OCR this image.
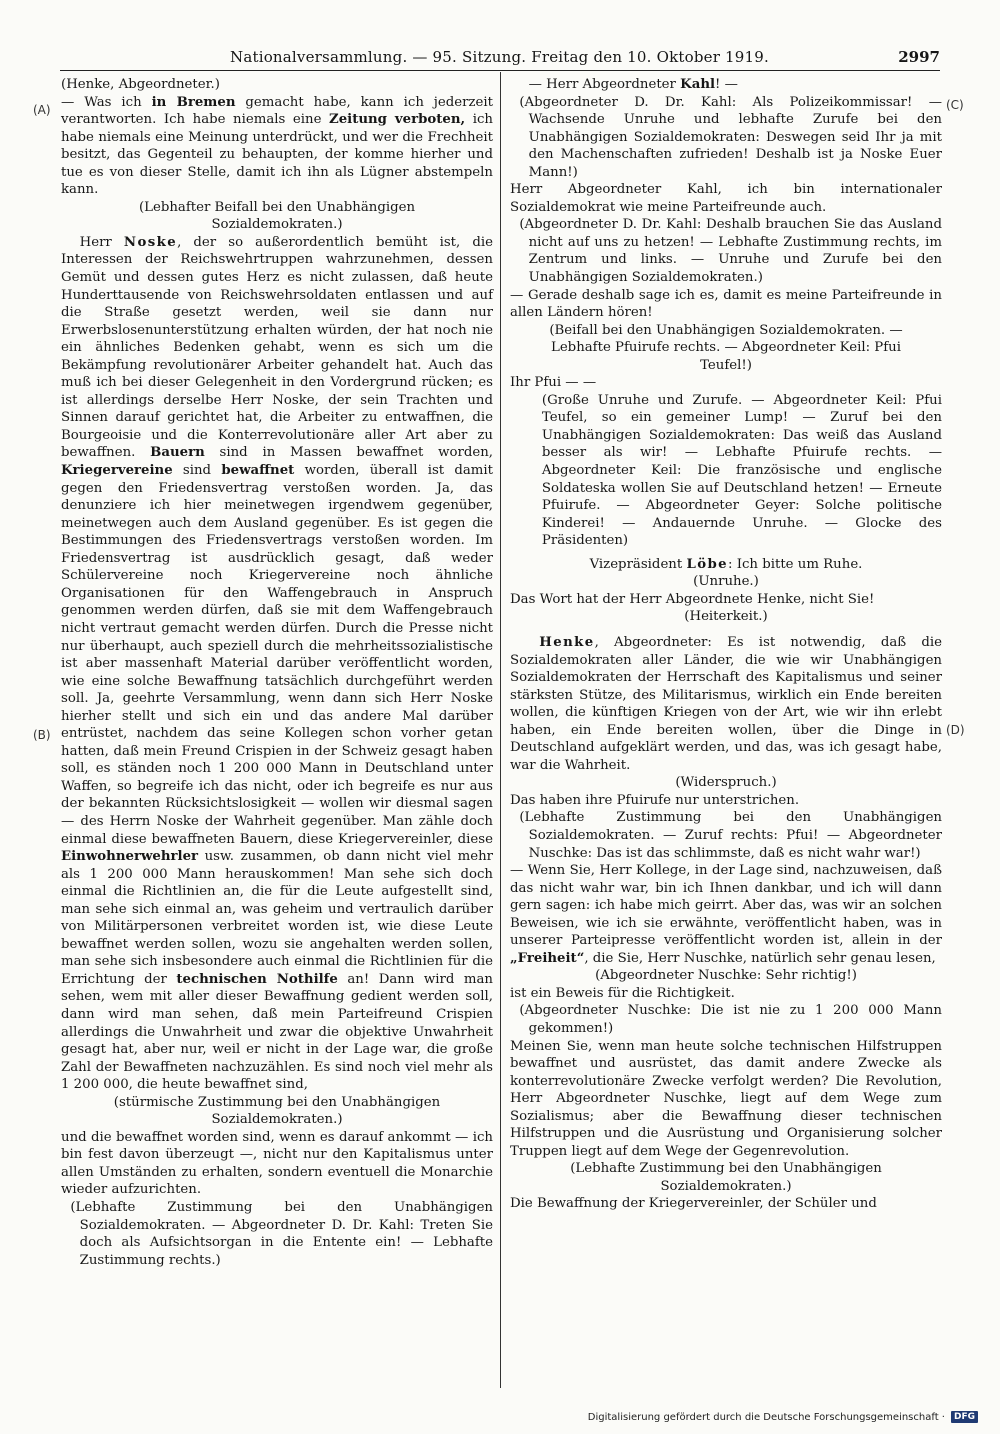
Nationalversammlung. — 95. Sitzung. Freitag den 10. Oktober 1919.	2997
(A)
(B)
(C)
(D)

(Henke, Abgeordneter.)

— Was ich in Bremen gemacht habe, kann ich jederzeit verantworten. Ich habe niemals eine Zeitung verboten, ich habe niemals eine Meinung unterdrückt, und wer die Frechheit besitzt, das Gegenteil zu behaupten, der komme hierher und tue es von dieser Stelle, damit ich ihn als Lügner abstempeln kann.

(Lebhafter Beifall bei den Unabhängigen Sozialdemokraten.)

Herr Noske, der so außerordentlich bemüht ist, die Interessen der Reichswehrtruppen wahrzunehmen, dessen Gemüt und dessen gutes Herz es nicht zulassen, daß heute Hunderttausende von Reichswehrsoldaten entlassen und auf die Straße gesetzt werden, weil sie dann nur Erwerbslosenunterstützung erhalten würden, der hat noch nie ein ähnliches Bedenken gehabt, wenn es sich um die Bekämpfung revolutionärer Arbeiter gehandelt hat. Auch das muß ich bei dieser Gelegenheit in den Vordergrund rücken; es ist allerdings derselbe Herr Noske, der sein Trachten und Sinnen darauf gerichtet hat, die Arbeiter zu entwaffnen, die Bourgeoisie und die Konterrevolutionäre aller Art aber zu bewaffnen. Bauern sind in Massen bewaffnet worden, Kriegervereine sind bewaffnet worden, überall ist damit gegen den Friedensvertrag verstoßen worden. Ja, das denunziere ich hier meinetwegen irgendwem gegenüber, meinetwegen auch dem Ausland gegenüber. Es ist gegen die Bestimmungen des Friedensvertrags verstoßen worden. Im Friedensvertrag ist ausdrücklich gesagt, daß weder Schülervereine noch Kriegervereine noch ähnliche Organisationen für den Waffengebrauch in Anspruch genommen werden dürfen, daß sie mit dem Waffengebrauch nicht vertraut gemacht werden dürfen. Durch die Presse nicht nur überhaupt, auch speziell durch die mehrheitssozialistische ist aber massenhaft Material darüber veröffentlicht worden, wie eine solche Bewaffnung tatsächlich durchgeführt werden soll. Ja, geehrte Versammlung, wenn dann sich Herr Noske hierher stellt und sich ein und das andere Mal darüber entrüstet, nachdem das seine Kollegen schon vorher getan hatten, daß mein Freund Crispien in der Schweiz gesagt haben soll, es ständen noch 1 200 000 Mann in Deutschland unter Waffen, so begreife ich das nicht, oder ich begreife es nur aus der bekannten Rücksichtslosigkeit — wollen wir diesmal sagen — des Herrn Noske der Wahrheit gegenüber. Man zähle doch einmal diese bewaffneten Bauern, diese Kriegervereinler, diese Einwohnerwehrler usw. zusammen, ob dann nicht viel mehr als 1 200 000 Mann herauskommen! Man sehe sich doch einmal die Richtlinien an, die für die Leute aufgestellt sind, man sehe sich einmal an, was geheim und vertraulich darüber von Militärpersonen verbreitet worden ist, wie diese Leute bewaffnet werden sollen, wozu sie angehalten werden sollen, man sehe sich insbesondere auch einmal die Richtlinien für die Errichtung der technischen Nothilfe an! Dann wird man sehen, wem mit aller dieser Bewaffnung gedient werden soll, dann wird man sehen, daß mein Parteifreund Crispien allerdings die Unwahrheit und zwar die objektive Unwahrheit gesagt hat, aber nur, weil er nicht in der Lage war, die große Zahl der Bewaffneten nachzuzählen. Es sind noch viel mehr als 1 200 000, die heute bewaffnet sind,

(stürmische Zustimmung bei den Unabhängigen Sozialdemokraten.)

und die bewaffnet worden sind, wenn es darauf ankommt — ich bin fest davon überzeugt —, nicht nur den Kapitalismus unter allen Umständen zu erhalten, sondern eventuell die Monarchie wieder aufzurichten.

(Lebhafte Zustimmung bei den Unabhängigen Sozialdemokraten. — Abgeordneter D. Dr. Kahl: Treten Sie doch als Aufsichtsorgan in die Entente ein! — Lebhafte Zustimmung rechts.)

— Herr Abgeordneter Kahl! —

(Abgeordneter D. Dr. Kahl: Als Polizeikommissar! — Wachsende Unruhe und lebhafte Zurufe bei den Unabhängigen Sozialdemokraten: Deswegen seid Ihr ja mit den Machenschaften zufrieden! Deshalb ist ja Noske Euer Mann!)

Herr Abgeordneter Kahl, ich bin internationaler Sozialdemokrat wie meine Parteifreunde auch.

(Abgeordneter D. Dr. Kahl: Deshalb brauchen Sie das Ausland nicht auf uns zu hetzen! — Lebhafte Zustimmung rechts, im Zentrum und links. — Unruhe und Zurufe bei den Unabhängigen Sozialdemokraten.)

— Gerade deshalb sage ich es, damit es meine Parteifreunde in allen Ländern hören!

(Beifall bei den Unabhängigen Sozialdemokraten. — Lebhafte Pfuirufe rechts. — Abgeordneter Keil: Pfui Teufel!)

Ihr Pfui — —

(Große Unruhe und Zurufe. — Abgeordneter Keil: Pfui Teufel, so ein gemeiner Lump! — Zuruf bei den Unabhängigen Sozialdemokraten: Das weiß das Ausland besser als wir! — Lebhafte Pfuirufe rechts. — Abgeordneter Keil: Die französische und englische Soldateska wollen Sie auf Deutschland hetzen! — Erneute Pfuirufe. — Abgeordneter Geyer: Solche politische Kinderei! — Andauernde Unruhe. — Glocke des Präsidenten)

Vizepräsident Löbe: Ich bitte um Ruhe.

(Unruhe.)

Das Wort hat der Herr Abgeordnete Henke, nicht Sie!

(Heiterkeit.)

Henke, Abgeordneter: Es ist notwendig, daß die Sozialdemokraten aller Länder, die wie wir Unabhängigen Sozialdemokraten der Herrschaft des Kapitalismus und seiner stärksten Stütze, des Militarismus, wirklich ein Ende bereiten wollen, die künftigen Kriegen von der Art, wie wir ihn erlebt haben, ein Ende bereiten wollen, über die Dinge in Deutschland aufgeklärt werden, und das, was ich gesagt habe, war die Wahrheit.

(Widerspruch.)

Das haben ihre Pfuirufe nur unterstrichen.

(Lebhafte Zustimmung bei den Unabhängigen Sozialdemokraten. — Zuruf rechts: Pfui! — Abgeordneter Nuschke: Das ist das schlimmste, daß es nicht wahr war!)

— Wenn Sie, Herr Kollege, in der Lage sind, nachzuweisen, daß das nicht wahr war, bin ich Ihnen dankbar, und ich will dann gern sagen: ich habe mich geirrt. Aber das, was wir an solchen Beweisen, wie ich sie erwähnte, veröffentlicht haben, was in unserer Parteipresse veröffentlicht worden ist, allein in der „Freiheit“, die Sie, Herr Nuschke, natürlich sehr genau lesen,

(Abgeordneter Nuschke: Sehr richtig!)

ist ein Beweis für die Richtigkeit.

(Abgeordneter Nuschke: Die ist nie zu 1 200 000 Mann gekommen!)

Meinen Sie, wenn man heute solche technischen Hilfstruppen bewaffnet und ausrüstet, das damit andere Zwecke als konterrevolutionäre Zwecke verfolgt werden? Die Revolution, Herr Abgeordneter Nuschke, liegt auf dem Wege zum Sozialismus; aber die Bewaffnung dieser technischen Hilfstruppen und die Ausrüstung und Organisierung solcher Truppen liegt auf dem Wege der Gegenrevolution.

(Lebhafte Zustimmung bei den Unabhängigen Sozialdemokraten.)

Die Bewaffnung der Kriegervereinler, der Schüler und

Digitalisierung gefördert durch die Deutsche Forschungsgemeinschaft ·	DFG
